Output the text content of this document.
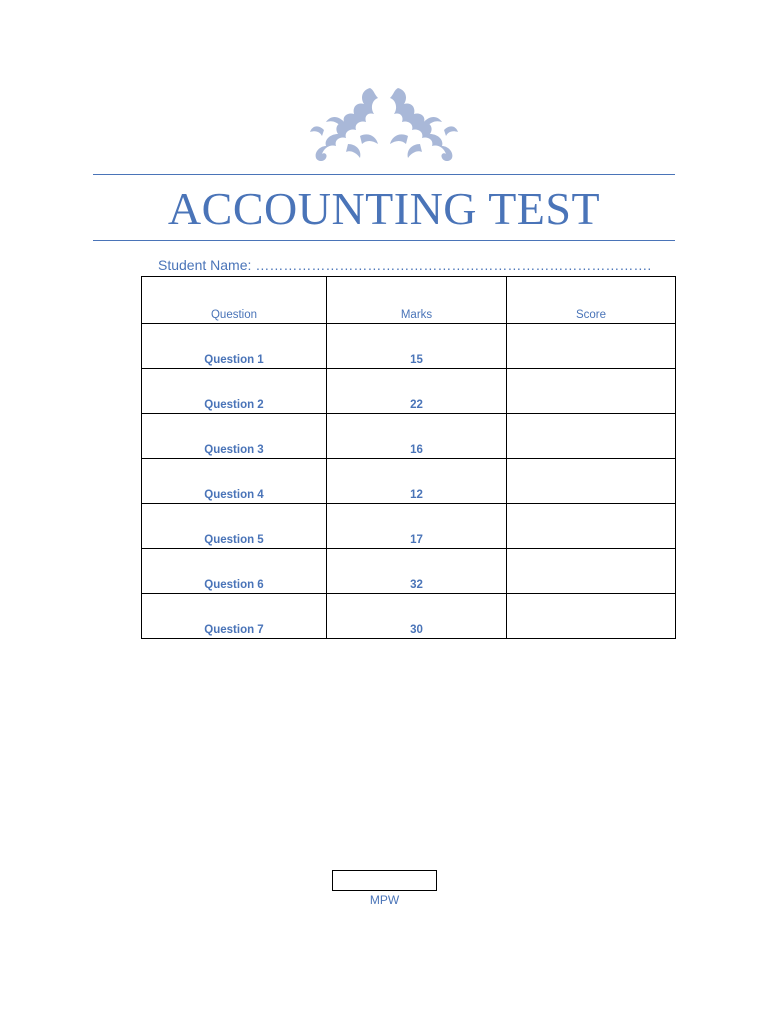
ACCOUNTING TEST
Student Name: ………………………………………………………………………….
Question	Marks	Score
Question 1	15	
Question 2	22	
Question 3	16	
Question 4	12	
Question 5	17	
Question 6	32	
Question 7	30	
MPW
